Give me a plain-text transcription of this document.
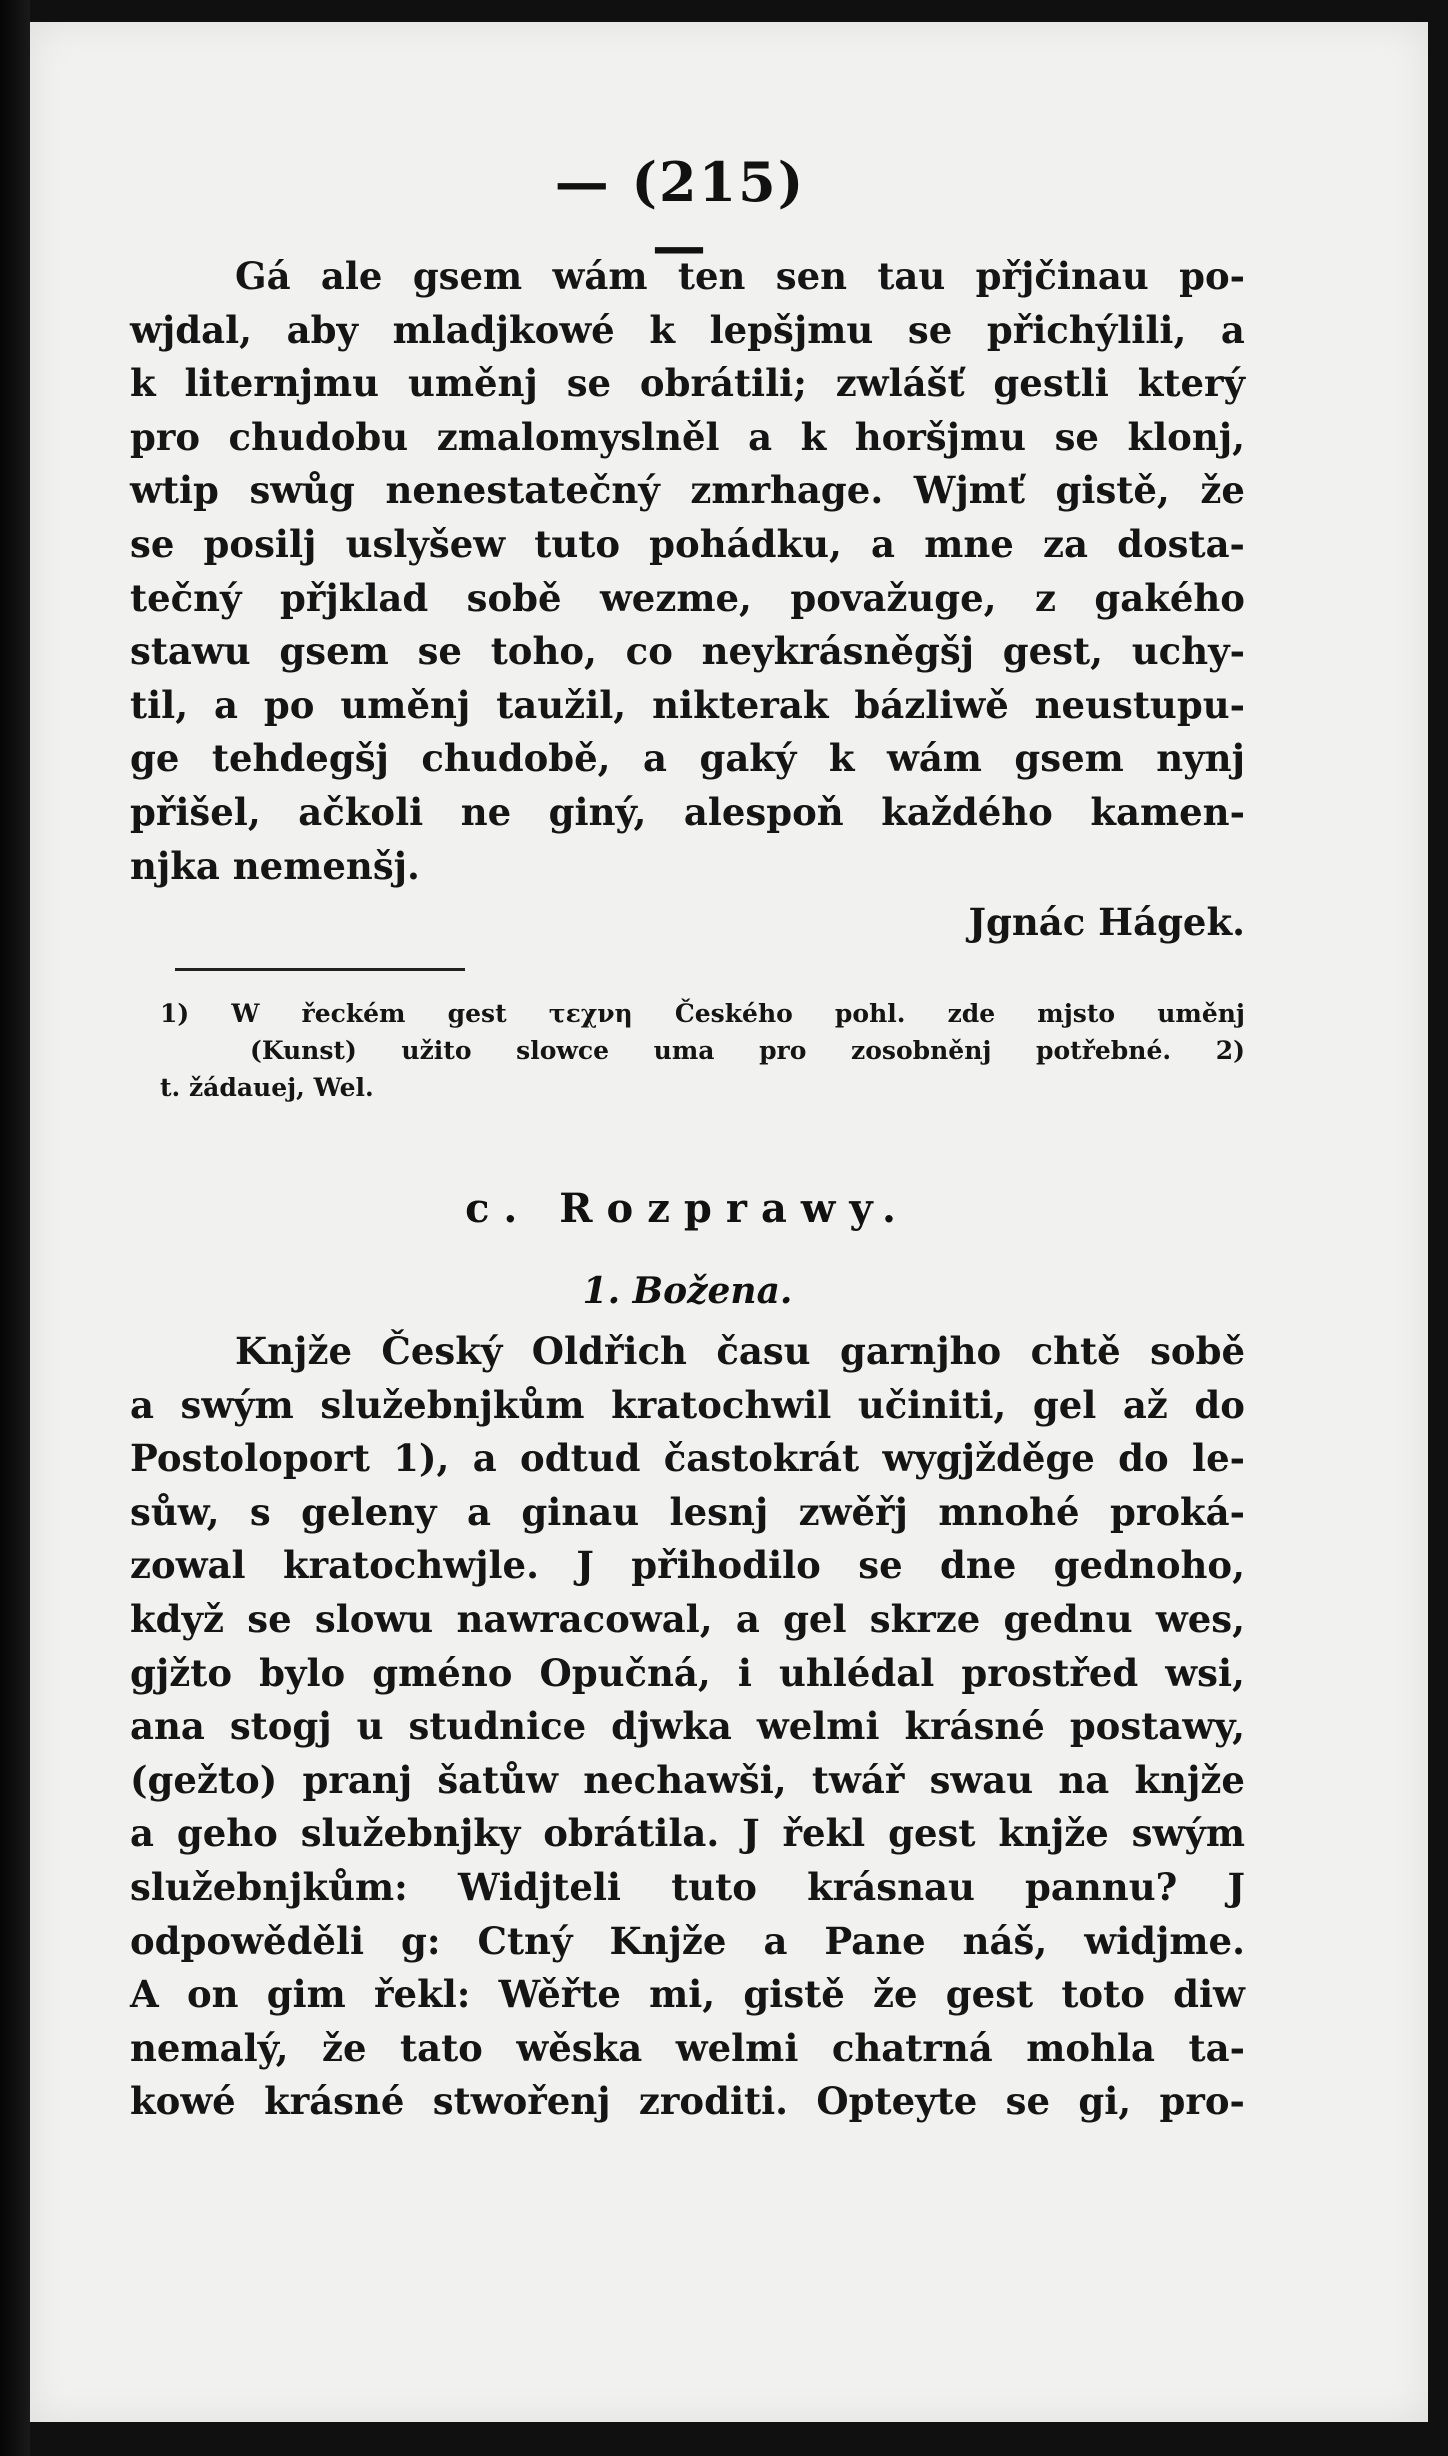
— (215) —
Gá ale gsem wám ten sen tau přjčinau po-
wjdal, aby mladjkowé k lepšjmu se přichýlili, a
k liternjmu uměnj se obrátili; zwlášť gestli který
pro chudobu zmalomyslněl a k horšjmu se klonj,
wtip swůg nenestatečný zmrhage. Wjmť gistě, že
se posilj uslyšew tuto pohádku, a mne za dosta-
tečný přjklad sobě wezme, považuge, z gakého
stawu gsem se toho, co neykrásněgšj gest, uchy-
til, a po uměnj taužil, nikterak bázliwě neustupu-
ge tehdegšj chudobě, a gaký k wám gsem nynj
přišel, ačkoli ne giný, alespoň každého kamen-
njka nemenšj.
Jgnác Hágek.
1) W řeckém gest τεχνη Českého pohl. zde mjsto uměnj
(Kunst) užito slowce uma pro zosobněnj potřebné. 2)
t. žádauej, Wel.
c. Rozprawy.
1. Božena.
Knjže Český Oldřich času garnjho chtě sobě
a swým služebnjkům kratochwil učiniti, gel až do
Postoloport 1), a odtud častokrát wygjžděge do le-
sůw, s geleny a ginau lesnj zwěřj mnohé proká-
zowal kratochwjle. J přihodilo se dne gednoho,
když se slowu nawracowal, a gel skrze gednu wes,
gjžto bylo gméno Opučná, i uhlédal prostřed wsi,
ana stogj u studnice djwka welmi krásné postawy,
(gežto) pranj šatůw nechawši, twář swau na knjže
a geho služebnjky obrátila. J řekl gest knjže swým
služebnjkům: Widjteli tuto krásnau pannu? J
odpowěděli g: Ctný Knjže a Pane náš, widjme.
A on gim řekl: Wěřte mi, gistě že gest toto diw
nemalý, že tato wěska welmi chatrná mohla ta-
kowé krásné stwořenj zroditi. Opteyte se gi, pro-
